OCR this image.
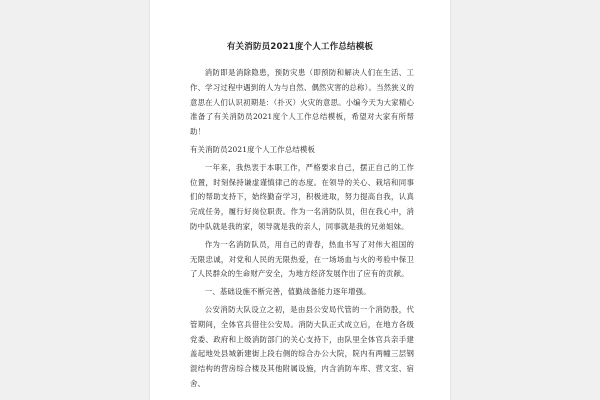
有关消防员2021度个人工作总结模板

消防即是消除隐患，预防灾患（即预防和解决人们在生活、工作、学习过程中遇到的人为与自然、偶然灾害的总称）。当然狭义的意思在人们认识初期是：（扑灭）火灾的意思。小编今天为大家精心准备了有关消防员2021度个人工作总结模板，希望对大家有所帮助！

有关消防员2021度个人工作总结模板

一年来，我热衷于本职工作，严格要求自己，摆正自己的工作位置，时刻保持谦虚谨慎律己的态度。在领导的关心、栽培和同事们的帮助支持下，始终勤奋学习，积极进取，努力提高自我，认真完成任务，履行好岗位职责。作为一名消防队员，但在我心中，消防中队就是我的家，领导就是我的亲人，同事就是我的兄弟姐妹。

作为一名消防队员，用自己的青春，热血书写了对伟大祖国的无限忠诚，对党和人民的无限热爱，在一场场血与火的考验中保卫了人民群众的生命财产安全，为地方经济发展作出了应有的贡献。

一、基础设施不断完善，值勤战备能力逐年增强。

公安消防大队设立之初，是由县公安局代管的一个消防股，代管期间，全体官兵借住公安局。消防大队正式成立后，在地方各级党委、政府和上级消防部门的关心支持下，由队里全体官兵亲手建盖起地处县城新建街上段右侧的综合办公大院，院内有两幢三层钢混结构的营房综合楼及其他附属设施，内含消防车库、营文室、宿舍、
